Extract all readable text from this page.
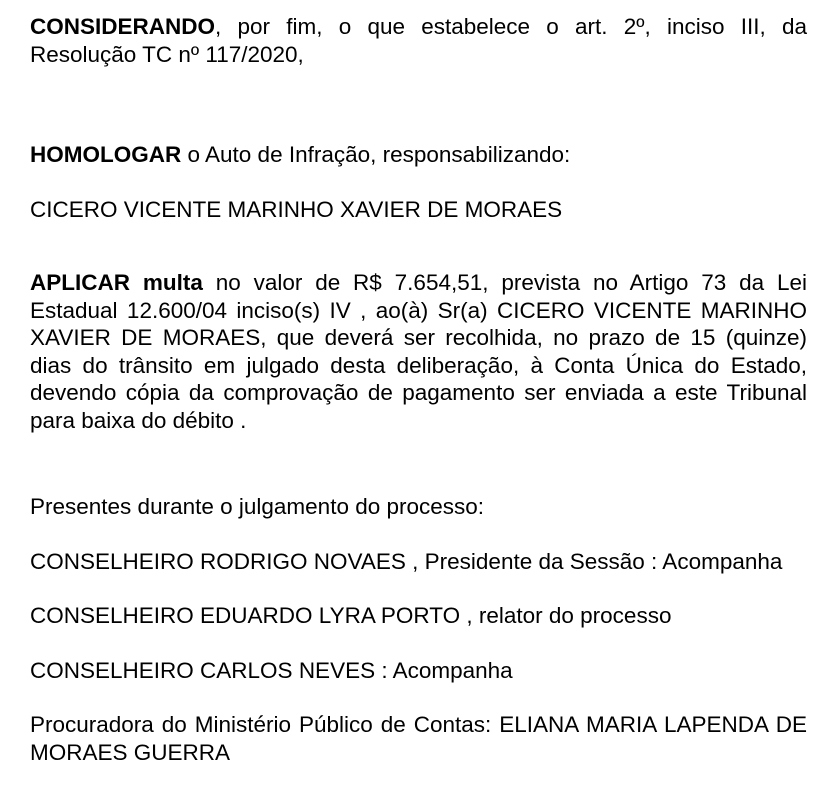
CONSIDERANDO, por fim, o que estabelece o art. 2º, inciso III, da Resolução TC nº 117/2020,

HOMOLOGAR o Auto de Infração, responsabilizando:

CICERO VICENTE MARINHO XAVIER DE MORAES

APLICAR multa no valor de R$ 7.654,51, prevista no Artigo 73 da Lei Estadual 12.600/04 inciso(s) IV , ao(à) Sr(a) CICERO VICENTE MARINHO XAVIER DE MORAES, que deverá ser recolhida, no prazo de 15 (quinze) dias do trânsito em julgado desta deliberação, à Conta Única do Estado, devendo cópia da comprovação de pagamento ser enviada a este Tribunal para baixa do débito .

Presentes durante o julgamento do processo:

CONSELHEIRO RODRIGO NOVAES , Presidente da Sessão : Acompanha

CONSELHEIRO EDUARDO LYRA PORTO , relator do processo

CONSELHEIRO CARLOS NEVES : Acompanha

Procuradora do Ministério Público de Contas: ELIANA MARIA LAPENDA DE MORAES GUERRA
